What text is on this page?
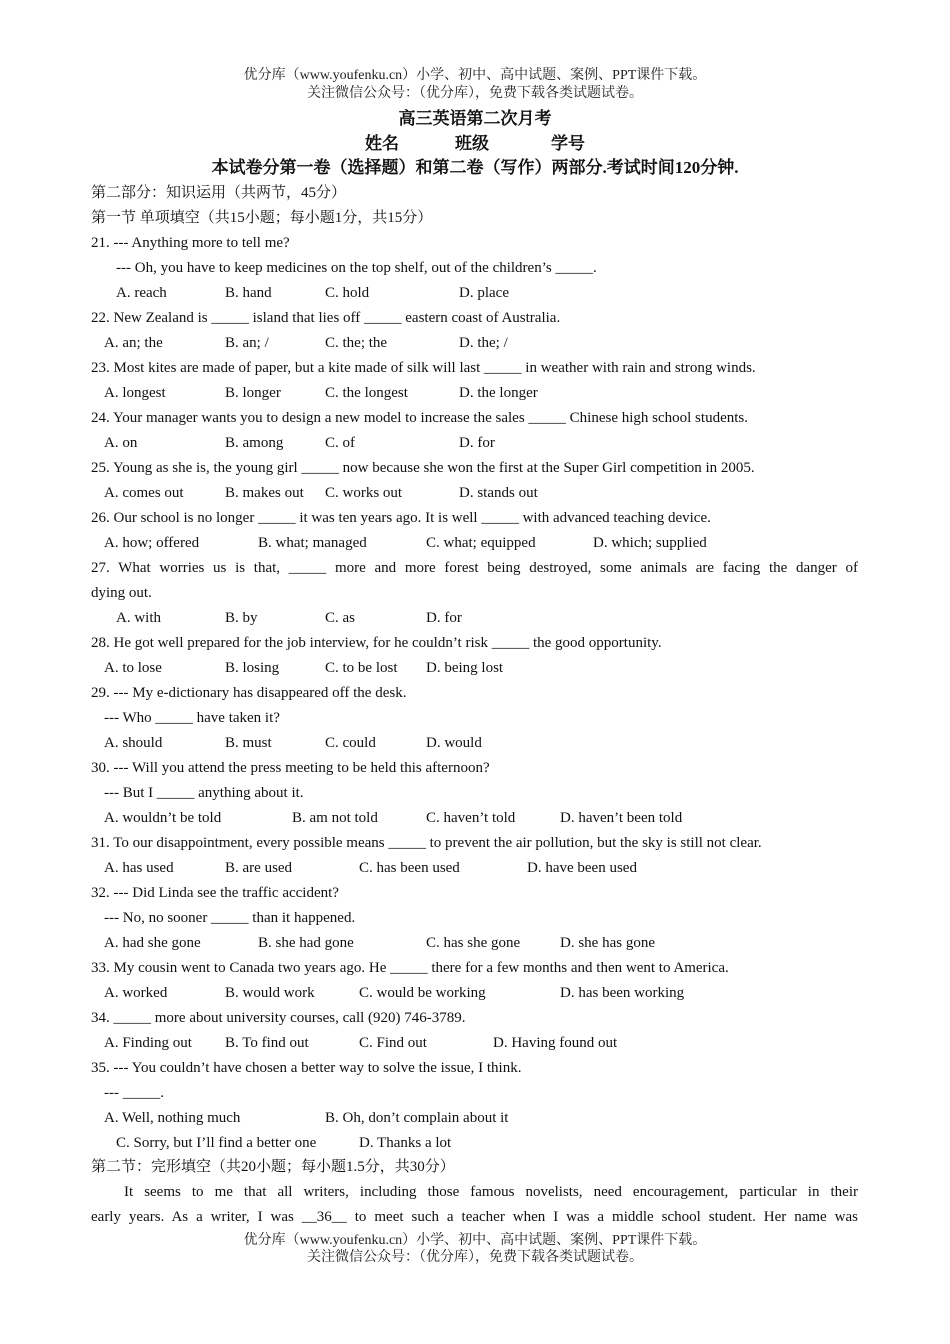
优分库（www.youfenku.cn）小学、初中、高中试题、案例、PPT课件下载。
关注微信公众号：（优分库），免费下载各类试题试卷。
高三英语第二次月考
姓名	班级	学号
本试卷分第一卷（选择题）和第二卷（写作）两部分.考试时间120分钟.
第二部分：知识运用（共两节，45分）
第一节 单项填空（共15小题；每小题1分，共15分）
21. --- Anything more to tell me?
--- Oh, you have to keep medicines on the top shelf, out of the children’s _____.
A. reach	B. hand	C. hold	D. place
22. New Zealand is _____ island that lies off _____ eastern coast of Australia.
A. an; the	B. an; /	C. the; the	D. the; /
23. Most kites are made of paper, but a kite made of silk will last _____ in weather with rain and strong winds.
A. longest	B. longer	C. the longest	D. the longer
24. Your manager wants you to design a new model to increase the sales _____ Chinese high school students.
A. on	B. among	C. of	D. for
25. Young as she is, the young girl _____ now because she won the first at the Super Girl competition in 2005.
A. comes out	B. makes out C. works out	D. stands out
26. Our school is no longer _____ it was ten years ago. It is well _____ with advanced teaching device.
A. how; offered	B. what; managed	C. what; equipped	D. which; supplied
27. What worries us is that, _____ more and more forest being destroyed, some animals are facing the danger of
dying out.
A. with	B. by	C. as	D. for
28. He got well prepared for the job interview, for he couldn’t risk _____ the good opportunity.
A. to lose	B. losing	C. to be lost D. being lost
29. --- My e-dictionary has disappeared off the desk.
--- Who _____ have taken it?
A. should	B. must	C. could	D. would
30. --- Will you attend the press meeting to be held this afternoon?
--- But I _____ anything about it.
A. wouldn’t be told	B. am not told	C. haven’t told	D. haven’t been told
31. To our disappointment, every possible means _____ to prevent the air pollution, but the sky is still not clear.
A. has used	B. are used	C. has been used	D. have been used
32. --- Did Linda see the traffic accident?
--- No, no sooner _____ than it happened.
A. had she gone	B. she had gone	C. has she gone	D. she has gone
33. My cousin went to Canada two years ago. He _____ there for a few months and then went to America.
A. worked	B. would work	C. would be working	D. has been working
34. _____ more about university courses, call (920) 746-3789.
A. Finding out B. To find out	C. Find out	D. Having found out
35. --- You couldn’t have chosen a better way to solve the issue, I think.
--- _____.
A. Well, nothing much	B. Oh, don’t complain about it
C. Sorry, but I’ll find a better one	D. Thanks a lot
第二节：完形填空（共20小题；每小题1.5分，共30分）
It seems to me that all writers, including those famous novelists, need encouragement, particular in their
early years. As a writer, I was __36__ to meet such a teacher when I was a middle school student. Her name was
优分库（www.youfenku.cn）小学、初中、高中试题、案例、PPT课件下载。
关注微信公众号：（优分库），免费下载各类试题试卷。
